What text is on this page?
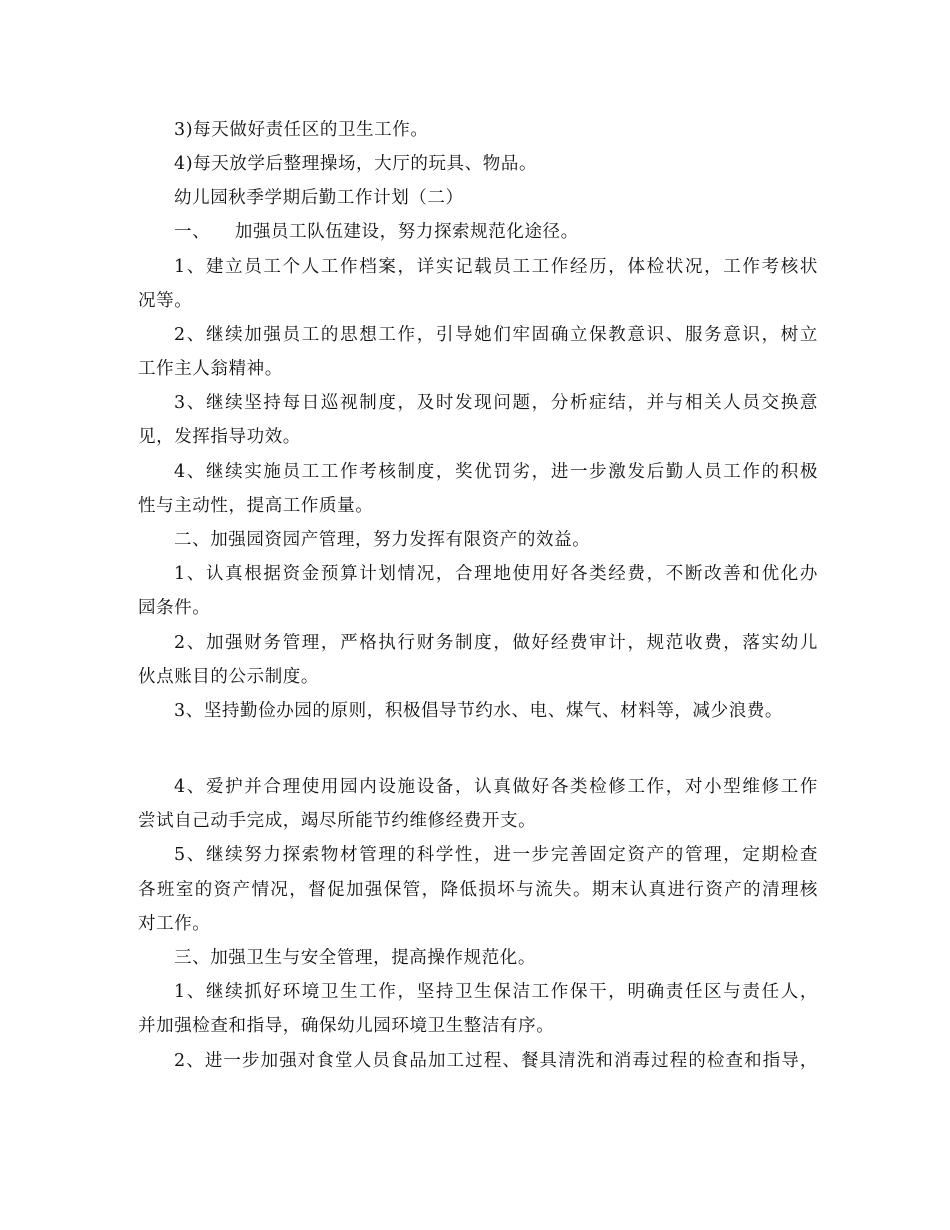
3)每天做好责任区的卫生工作。
4)每天放学后整理操场，大厅的玩具、物品。
幼儿园秋季学期后勤工作计划（二）
一、    加强员工队伍建设，努力探索规范化途径。
1、建立员工个人工作档案，详实记载员工工作经历，体检状况，工作考核状
况等。
2、继续加强员工的思想工作，引导她们牢固确立保教意识、服务意识，树立
工作主人翁精神。
3、继续坚持每日巡视制度，及时发现问题，分析症结，并与相关人员交换意
见，发挥指导功效。
4、继续实施员工工作考核制度，奖优罚劣，进一步激发后勤人员工作的积极
性与主动性，提高工作质量。
二、加强园资园产管理，努力发挥有限资产的效益。
1、认真根据资金预算计划情况，合理地使用好各类经费，不断改善和优化办
园条件。
2、加强财务管理，严格执行财务制度，做好经费审计，规范收费，落实幼儿
伙点账目的公示制度。
3、坚持勤俭办园的原则，积极倡导节约水、电、煤气、材料等，减少浪费。
4、爱护并合理使用园内设施设备，认真做好各类检修工作，对小型维修工作
尝试自己动手完成，竭尽所能节约维修经费开支。
5、继续努力探索物材管理的科学性，进一步完善固定资产的管理，定期检查
各班室的资产情况，督促加强保管，降低损坏与流失。期末认真进行资产的清理核
对工作。
三、加强卫生与安全管理，提高操作规范化。
1、继续抓好环境卫生工作，坚持卫生保洁工作保干，明确责任区与责任人，
并加强检查和指导，确保幼儿园环境卫生整洁有序。
2、进一步加强对食堂人员食品加工过程、餐具清洗和消毒过程的检查和指导，
